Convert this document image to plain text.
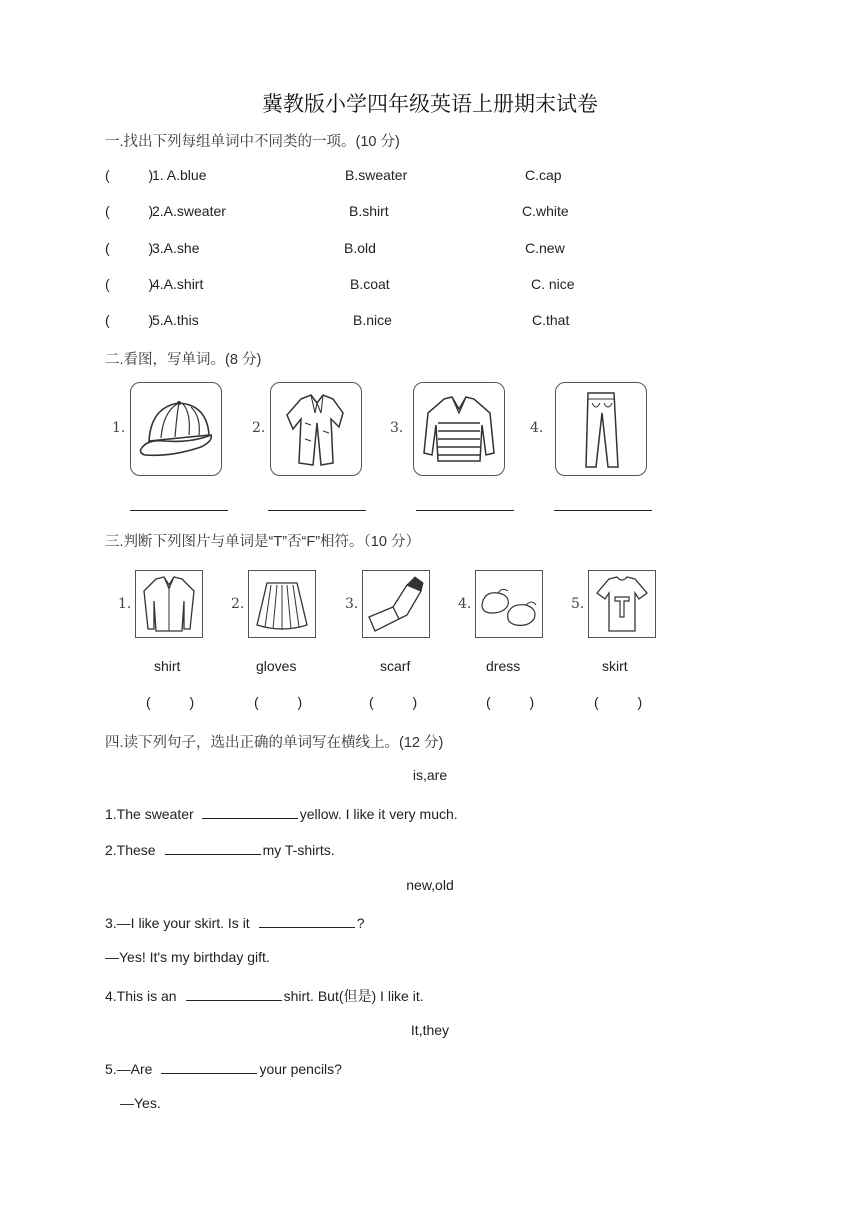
冀教版小学四年级英语上册期末试卷
一.找出下列每组单词中不同类的一项。(10 分)
(          )
1. A.blue	B.sweater	C.cap
(          )
2.A.sweater	B.shirt	C.white
(          )
3.A.she	B.old	C.new
(          )
4.A.shirt	B.coat	C. nice
(          )
5.A.this	B.nice	C.that
二.看图，写单词。(8 分)
1.	2.	3.	4.
三.判断下列图片与单词是“T”否“F”相符。（10 分）
1.	2.	3.	4.	5.
shirt	gloves	scarf	dress	skirt
(          )	(          )	(          )	(          )	(          )
四.读下列句子，选出正确的单词写在横线上。(12 分)
is,are
1.The sweater	yellow. I like it very much.
2.These	my T-shirts.
new,old
3.—I like your skirt. Is it	?
—Yes! It's my birthday gift.
4.This is an	shirt. But(但是) I like it.
It,they
5.—Are	your pencils?
—Yes.
